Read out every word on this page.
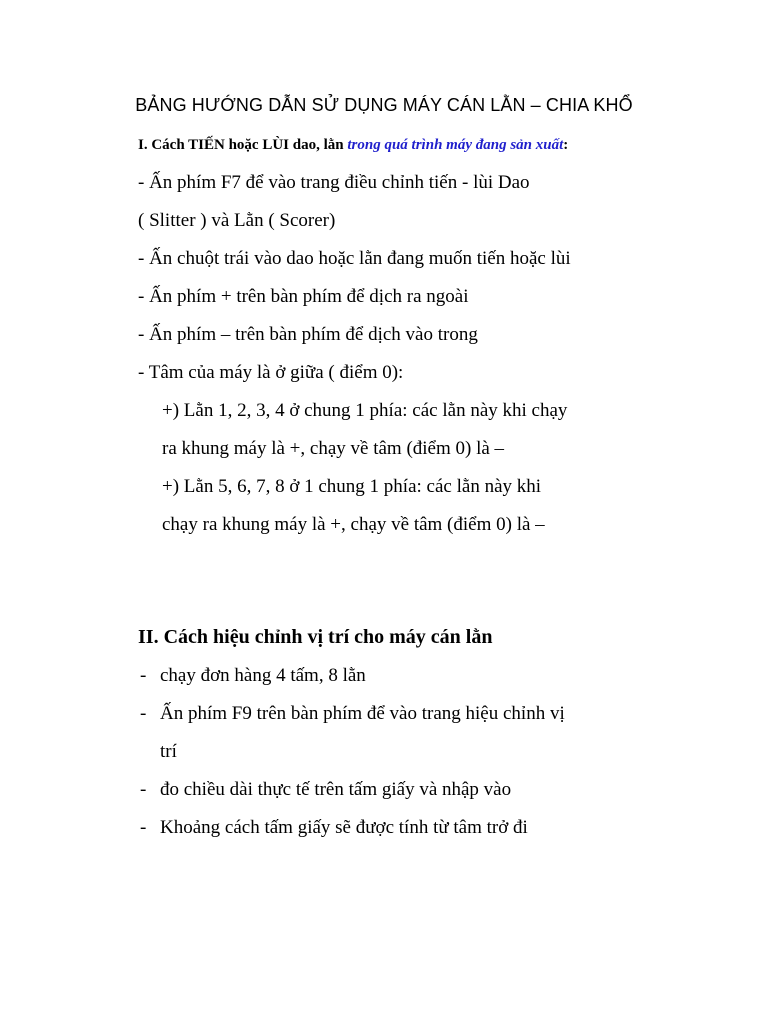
BẢNG HƯỚNG DẪN SỬ DỤNG MÁY CÁN LẰN – CHIA KHỔ
I. Cách TIẾN hoặc LÙI dao, lằn trong quá trình máy đang sản xuất:
- Ấn phím F7 để vào trang điều chỉnh tiến - lùi Dao
( Slitter ) và Lằn ( Scorer)
- Ấn chuột trái vào dao hoặc lằn đang muốn tiến hoặc lùi
- Ấn phím + trên bàn phím để dịch ra ngoài
- Ấn phím – trên bàn phím để dịch vào trong
- Tâm của máy là ở giữa ( điểm 0):
+) Lằn 1, 2, 3, 4 ở chung 1 phía: các lằn này khi chạy
ra khung máy là +, chạy về tâm (điểm 0) là –
+) Lằn 5, 6, 7, 8 ở 1 chung 1 phía: các lằn này khi
chạy ra khung máy là +, chạy về tâm (điểm 0) là –
II. Cách hiệu chỉnh vị trí cho máy cán lằn
- chạy đơn hàng 4 tấm, 8 lằn
- Ấn phím F9 trên bàn phím để vào trang hiệu chỉnh vị
trí
- đo chiều dài thực tế trên tấm giấy và nhập vào
- Khoảng cách tấm giấy sẽ được tính từ tâm trở đi
